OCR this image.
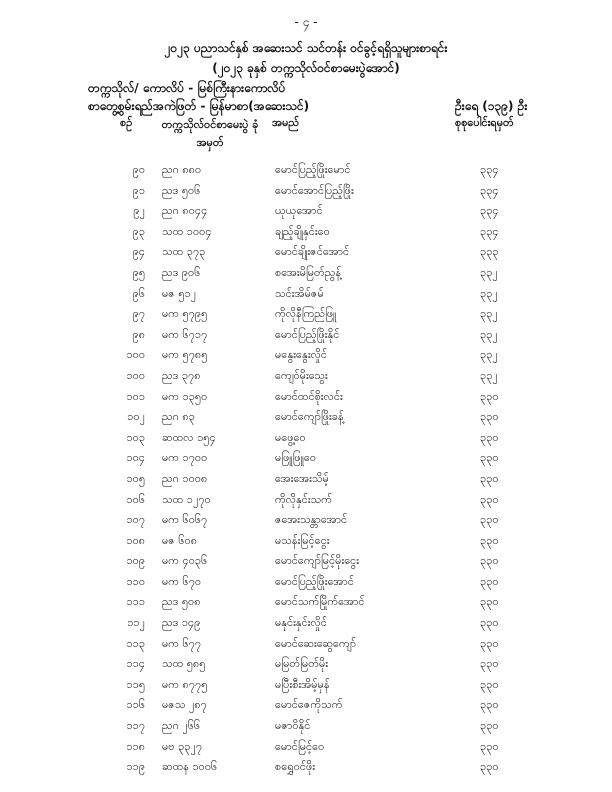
- ၄ -
၂၀၂၃ ပညာသင်နှစ် အဆေးသင် သင်တန်း ဝင်ခွင့်ရရှိသူများစာရင်း
(၂၀၂၃ ခုနှစ် တက္ကသိုလ်ဝင်စာမေးပွဲအောင်)
တက္ကသိုလ်/ ကောလိပ် - မြစ်ကြီးနားကောလိပ်
စာတွေ့စွမ်းရည်အကဲဖြတ် - မြန်မာစာ(အဆေးသင်)	ဦးရေ (၁၃၉) ဦး
စဉ်	တက္ကသိုလ်ဝင်စာမေးပွဲ ခုံအမှတ်
အမည်	စုစုပေါင်းရမှတ်
၉၀ ညဂ ၈၈၀	မောင်ပြည့်ဖြိုးမောင်	၃၃၄
၉၁ ညဒ ၅၀၆	မောင်အောင်ပြည့်ဖြိုး	၃၃၄
၉၂ ညဂ ၈၀၄၄	ယုယုအောင်	၃၃၄
၉၃ သထ ၁၀၀၄	ချည့်ချိုနှင်းဝေ	၃၃၄
၉၄ သထ ၃၇၃	မောင်ချိုးဇင်အောင်	၃၃၃
၉၅ ညဒ ၉၀၆	စအေးမိမြတ်ညွန့်	၃၃၂
၉၆ မဇ ၅၁၂	သင်းအိမ်ဇမ်	၃၃၂
၉၇ မက ၅၇၉၅	ကိုလိုနီကြည်ဖြူ	၃၃၂
၉၈ မက ၆၇၁၇	မောင်ပြည့်ဖြိုးနိုင်	၃၃၂
၁၀၀ မက ၅၇၈၅	မနွေးနွေးလှိုင်	၃၃၂
၁၀၀ ညဒ ၃၇၈	ကျေဝ်မိုးသွေး	၃၃၂
၁၀၁ မက ၁၃၅၀	မောင်ထင်စိုးလင်း	၃၃၀
၁၀၂ ညဂ ၈၃	မောင်ကျော်ဖြိုးခန့်	၃၃၀
၁၀၃ ဆထလ ၁၅၄	မဖွေ့ဝေ	၃၃၀
၁၀၄ မက ၁၇၀၀	မဖြူဖြူဝေ	၃၃၀
၁၀၅ ညဂ ၁၀၀၈	အေးအေးသိမ့်	၃၃၀
၁၀၆ သထ ၁၂၇၀	ကိုလိုနှင်းသက်	၃၃၀
၁၀၇ မက ၆၀၆၇	ဇအေးသန္တာအောင်	၃၃၀
၁၀၈ မဇ ၆၀၈	မသန်းမြင့်ငွေး	၃၃၀
၁၀၉ မက ၄၀၃၆	မောင်ကျော်မြင့်မိုးငွေး	၃၃၀
၁၁၀ မက ၆၇၀	မောင်ပြည့်ဖြိုးအောင်	၃၃၀
၁၁၁ ညဒ ၅၀၈	မောင်သက်မြိုက်အောင်	၃၃၀
၁၁၂ ညဒ ၁၄၉	မနုင်းနှင်းလှိုင်	၃၃၀
၁၁၃ မက ၆၇၇	မောင်ဆေးဆွေကျော်	၃၃၀
၁၁၄ သထ ၅၈၅	မမြတ်မြတ်မိုး	၃၃၀
၁၁၅ မက ၈၇၇၅	မပြီးစီးအိမ့်မှန်	၃၃၀
၁၁၆ မဇသ ၂၈၇	မောင်ဇေကိုသက်	၃၃၀
၁၁၇ ညဂ ၂၆၆	မဇာဝိနိုင်	၃၃၀
၁၁၈ မဗ ၃၃၂၇	မောင်မြင့်ဝေ	၃၃၀
၁၁၉ ဆထန ၁၀၀၆	စရွှေဝင်ဖိုး	၃၃၀
